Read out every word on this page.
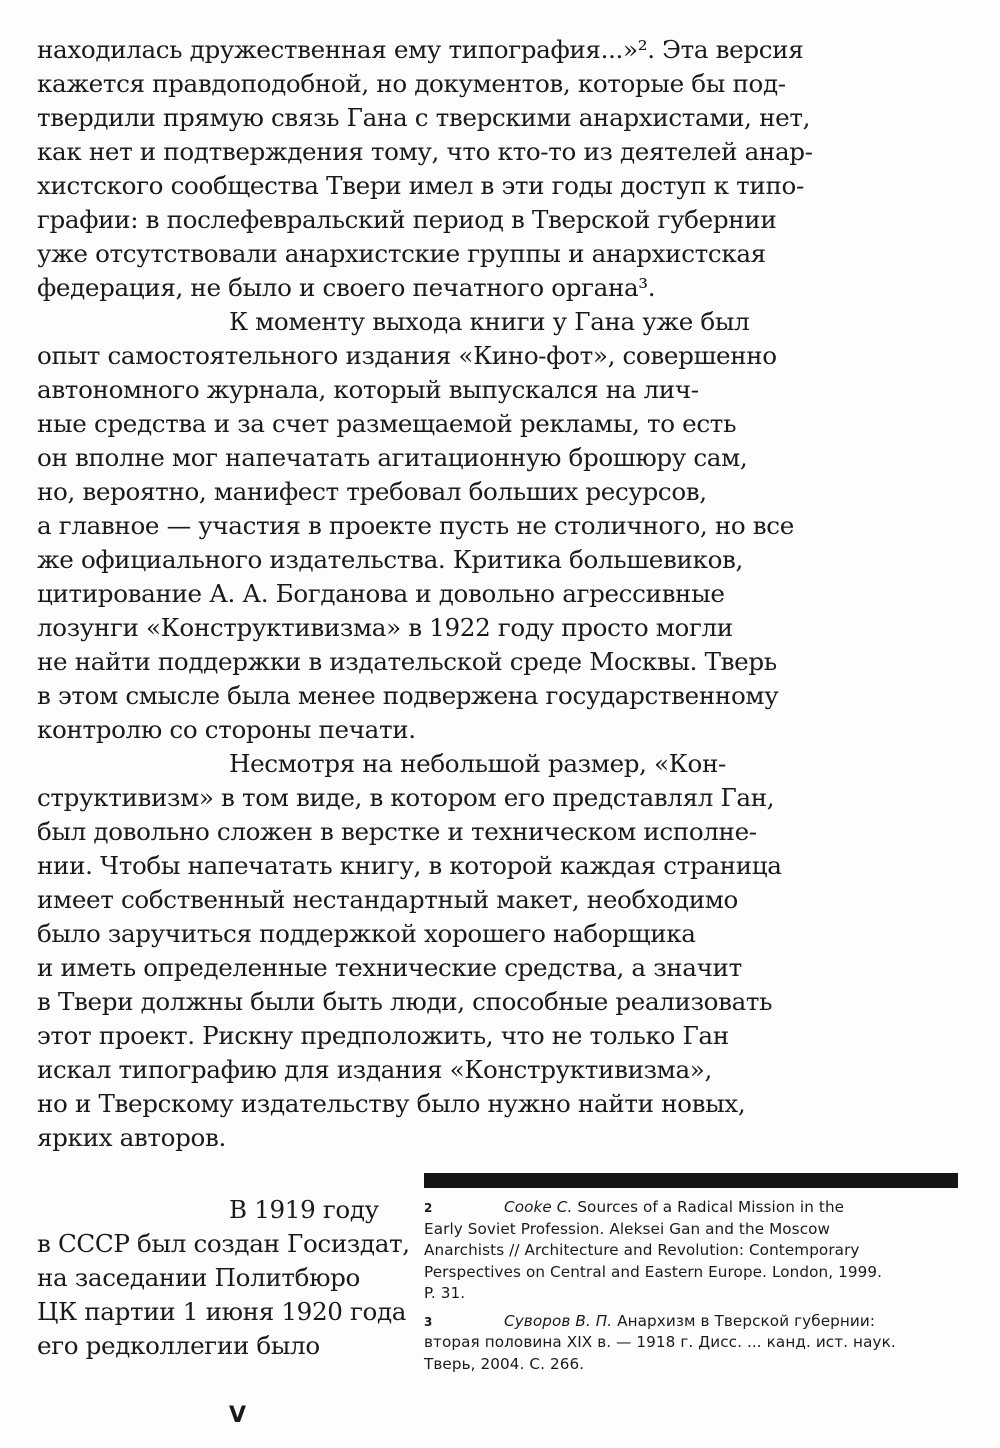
находилась дружественная ему типография...»². Эта версия
кажется правдоподобной, но документов, которые бы под-
твердили прямую связь Гана с тверскими анархистами, нет,
как нет и подтверждения тому, что кто-то из деятелей анар-
хистского сообщества Твери имел в эти годы доступ к типо-
графии: в послефевральский период в Тверской губернии
уже отсутствовали анархистские группы и анархистская
федерация, не было и своего печатного органа³.
К моменту выхода книги у Гана уже был
опыт самостоятельного издания «Кино-фот», совершенно
автономного журнала, который выпускался на лич-
ные средства и за счет размещаемой рекламы, то есть
он вполне мог напечатать агитационную брошюру сам,
но, вероятно, манифест требовал больших ресурсов,
а главное — участия в проекте пусть не столичного, но все
же официального издательства. Критика большевиков,
цитирование А. А. Богданова и довольно агрессивные
лозунги «Конструктивизма» в 1922 году просто могли
не найти поддержки в издательской среде Москвы. Тверь
в этом смысле была менее подвержена государственному
контролю со стороны печати.
Несмотря на небольшой размер, «Кон-
структивизм» в том виде, в котором его представлял Ган,
был довольно сложен в верстке и техническом исполне-
нии. Чтобы напечатать книгу, в которой каждая страница
имеет собственный нестандартный макет, необходимо
было заручиться поддержкой хорошего наборщика
и иметь определенные технические средства, а значит
в Твери должны были быть люди, способные реализовать
этот проект. Рискну предположить, что не только Ган
искал типографию для издания «Конструктивизма»,
но и Тверскому издательству было нужно найти новых,
ярких авторов.
В 1919 году
в СССР был создан Госиздат,
на заседании Политбюро
ЦК партии 1 июня 1920 года
его редколлегии было
2	Cooke C. Sources of a Radical Mission in the
Early Soviet Profession. Aleksei Gan and the Moscow
Anarchists // Architecture and Revolution: Contemporary
Perspectives on Central and Eastern Europe. London, 1999.
P. 31.
3	Суворов В. П. Анархизм в Тверской губернии:
вторая половина XIX в. — 1918 г. Дисс. ... канд. ист. наук.
Тверь, 2004. С. 266.
V
